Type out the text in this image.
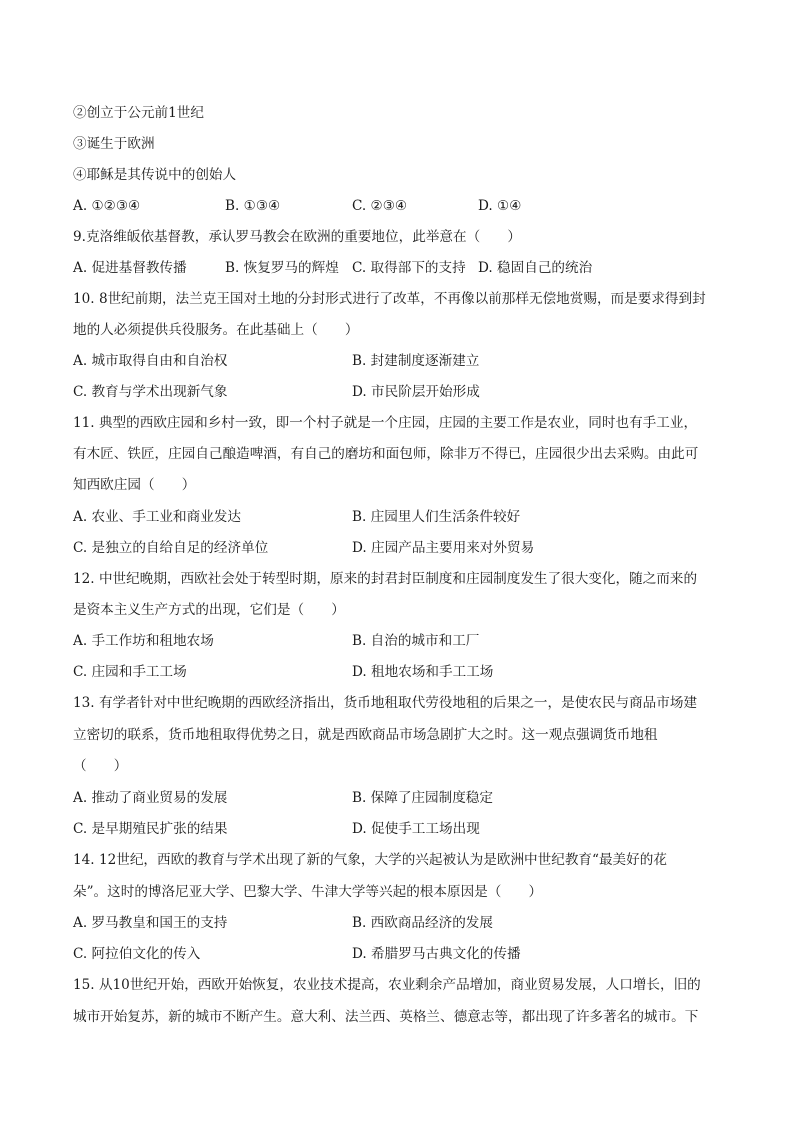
②创立于公元前1世纪
③诞生于欧洲
④耶稣是其传说中的创始人
A. ①②③④	B. ①③④	C. ②③④	D. ①④
9.克洛维皈依基督教，承认罗马教会在欧洲的重要地位，此举意在（　　）
A. 促进基督教传播	B. 恢复罗马的辉煌 C. 取得部下的支持 D. 稳固自己的统治
10. 8世纪前期，法兰克王国对土地的分封形式进行了改革，不再像以前那样无偿地赏赐，而是要求得到封
地的人必须提供兵役服务。在此基础上（　　）
A. 城市取得自由和自治权	B. 封建制度逐渐建立
C. 教育与学术出现新气象	D. 市民阶层开始形成
11. 典型的西欧庄园和乡村一致，即一个村子就是一个庄园，庄园的主要工作是农业，同时也有手工业，
有木匠、铁匠，庄园自己酿造啤酒，有自己的磨坊和面包师，除非万不得已，庄园很少出去采购。由此可
知西欧庄园（　　）
A. 农业、手工业和商业发达	B. 庄园里人们生活条件较好
C. 是独立的自给自足的经济单位	D. 庄园产品主要用来对外贸易
12. 中世纪晚期，西欧社会处于转型时期，原来的封君封臣制度和庄园制度发生了很大变化，随之而来的
是资本主义生产方式的出现，它们是（　　）
A. 手工作坊和租地农场	B. 自治的城市和工厂
C. 庄园和手工工场	D. 租地农场和手工工场
13. 有学者针对中世纪晚期的西欧经济指出，货币地租取代劳役地租的后果之一，是使农民与商品市场建
立密切的联系，货币地租取得优势之日，就是西欧商品市场急剧扩大之时。这一观点强调货币地租
（　　）
A. 推动了商业贸易的发展	B. 保障了庄园制度稳定
C. 是早期殖民扩张的结果	D. 促使手工工场出现
14. 12世纪，西欧的教育与学术出现了新的气象，大学的兴起被认为是欧洲中世纪教育“最美好的花
朵”。这时的博洛尼亚大学、巴黎大学、牛津大学等兴起的根本原因是（　　）
A. 罗马教皇和国王的支持	B. 西欧商品经济的发展
C. 阿拉伯文化的传入	D. 希腊罗马古典文化的传播
15. 从10世纪开始，西欧开始恢复，农业技术提高，农业剩余产品增加，商业贸易发展，人口增长，旧的
城市开始复苏，新的城市不断产生。意大利、法兰西、英格兰、德意志等，都出现了许多著名的城市。下
